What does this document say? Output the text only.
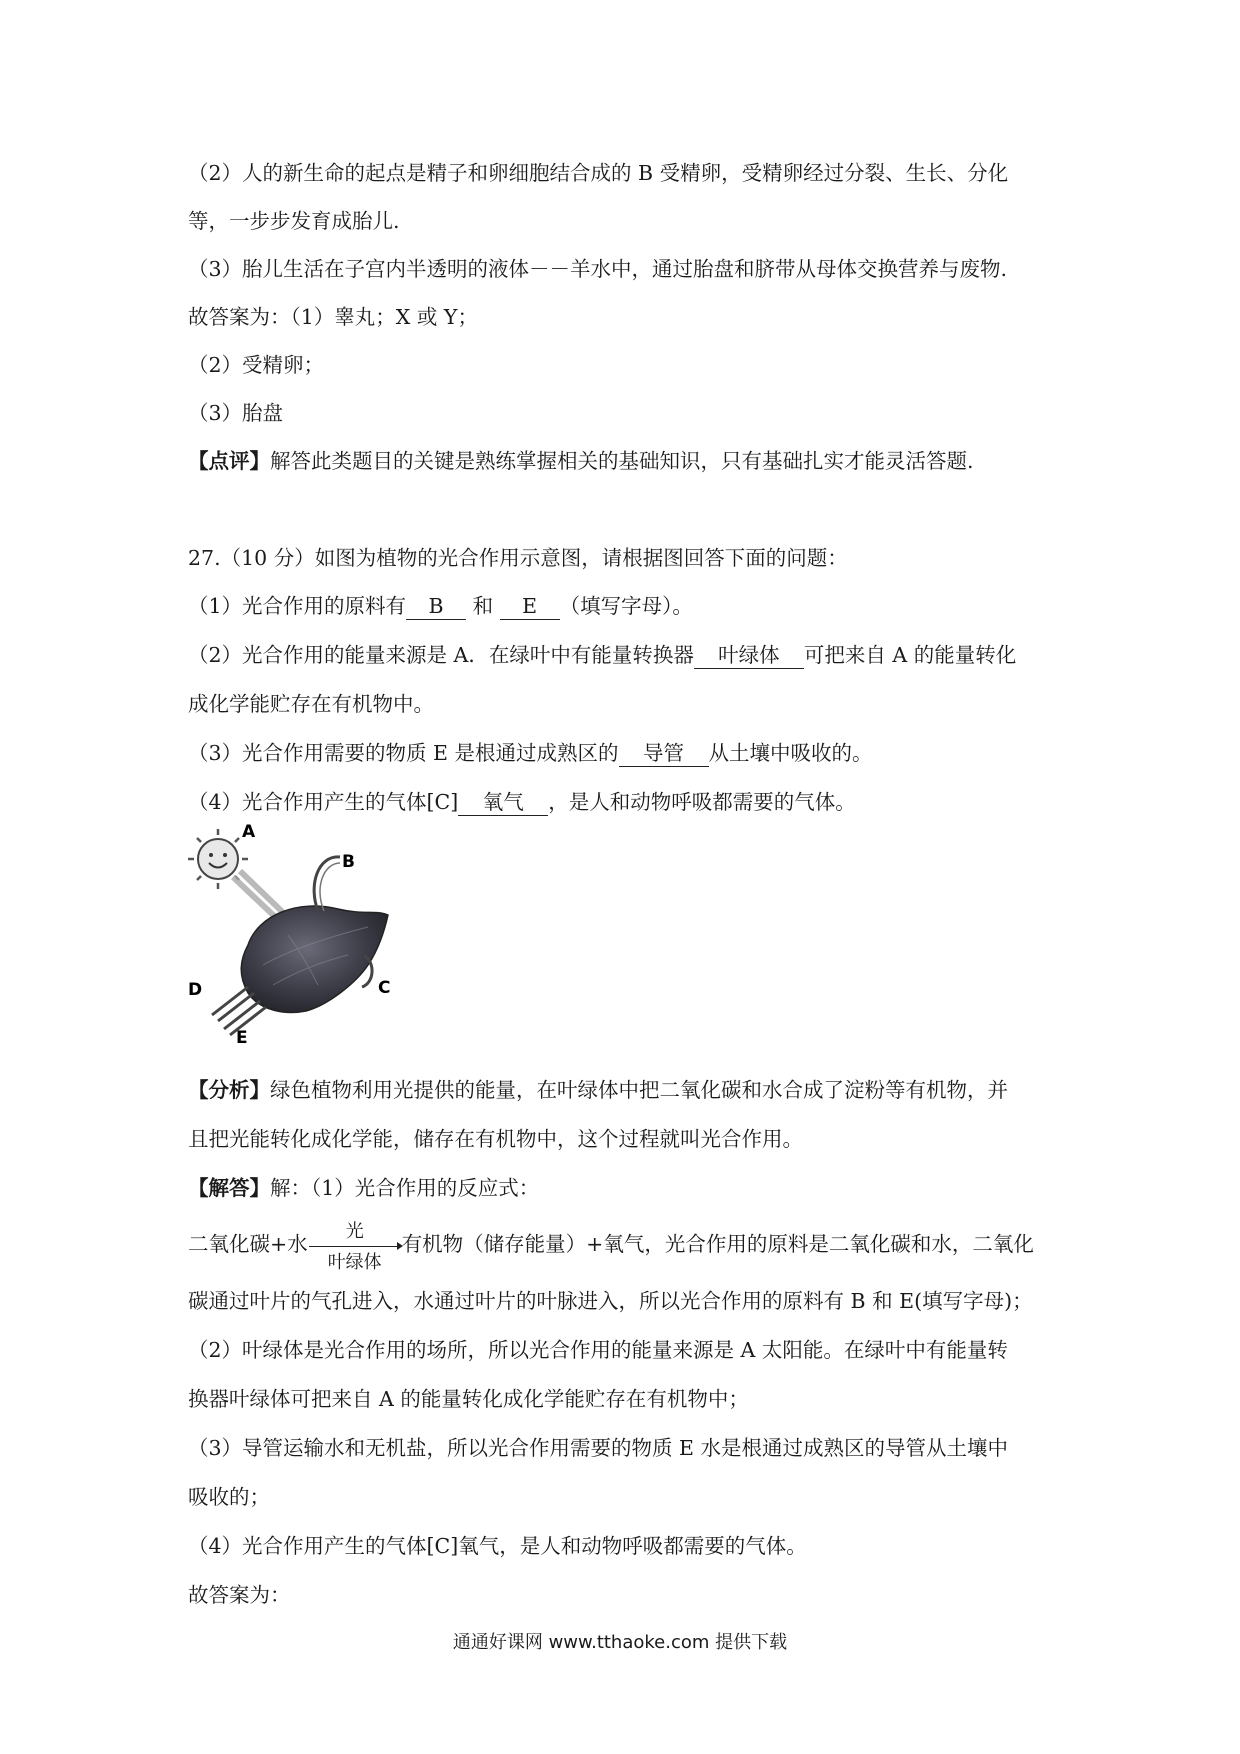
（2）人的新生命的起点是精子和卵细胞结合成的 B 受精卵，受精卵经过分裂、生长、分化
等，一步步发育成胎儿.
（3）胎儿生活在子宫内半透明的液体－－羊水中，通过胎盘和脐带从母体交换营养与废物.
故答案为：（1）睾丸；X 或 Y；
（2）受精卵；
（3）胎盘
【点评】解答此类题目的关键是熟练掌握相关的基础知识，只有基础扎实才能灵活答题.
27.（10 分）如图为植物的光合作用示意图，请根据图回答下面的问题：
（1）光合作用的原料有 B 和 E （填写字母）。
（2）光合作用的能量来源是 A．在绿叶中有能量转换器 叶绿体 可把来自 A 的能量转化
成化学能贮存在有机物中。
（3）光合作用需要的物质 E 是根通过成熟区的 导管 从土壤中吸收的。
（4）光合作用产生的气体[C] 氧气 ，是人和动物呼吸都需要的气体。
A
B
C
D
E
【分析】绿色植物利用光提供的能量，在叶绿体中把二氧化碳和水合成了淀粉等有机物，并
且把光能转化成化学能，储存在有机物中，这个过程就叫光合作用。
【解答】解：（1）光合作用的反应式：
二氧化碳+水 $\frac{\text{光}}{\text{叶绿体}}$ 有机物（储存能量）+氧气，光合作用的原料是二氧化碳和水，二氧化
碳通过叶片的气孔进入，水通过叶片的叶脉进入，所以光合作用的原料有 B 和 E(填写字母)；
（2）叶绿体是光合作用的场所，所以光合作用的能量来源是 A 太阳能。在绿叶中有能量转
换器叶绿体可把来自 A 的能量转化成化学能贮存在有机物中；
（3）导管运输水和无机盐，所以光合作用需要的物质 E 水是根通过成熟区的导管从土壤中
吸收的；
（4）光合作用产生的气体[C]氧气，是人和动物呼吸都需要的气体。
故答案为：
通通好课网 www.tthaoke.com 提供下载
